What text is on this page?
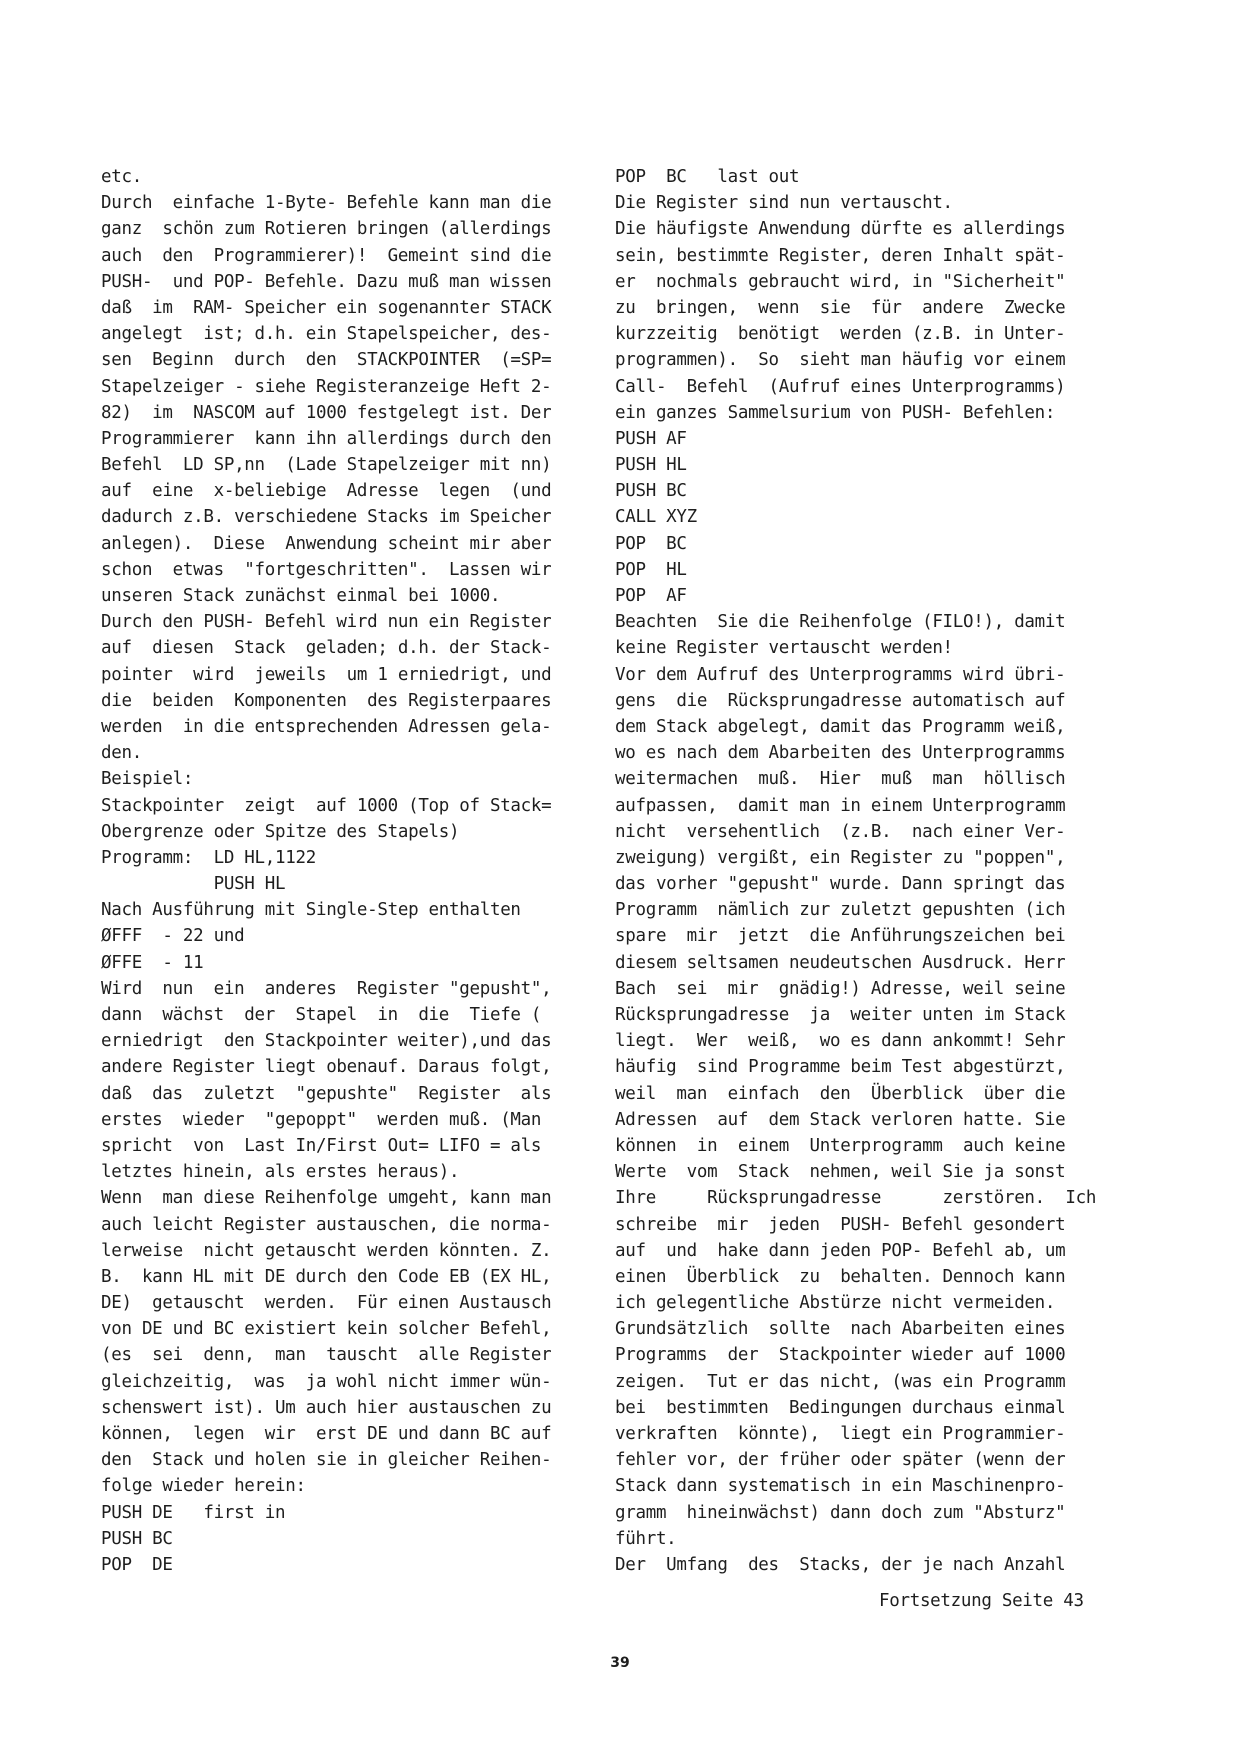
etc.
Durch  einfache 1-Byte- Befehle kann man die
ganz  schön zum Rotieren bringen (allerdings
auch  den  Programmierer)!  Gemeint sind die
PUSH-  und POP- Befehle. Dazu muß man wissen
daß  im  RAM- Speicher ein sogenannter STACK
angelegt  ist; d.h. ein Stapelspeicher, des-
sen  Beginn  durch  den  STACKPOINTER  (=SP=
Stapelzeiger - siehe Registeranzeige Heft 2-
82)  im  NASCOM auf 1000 festgelegt ist. Der
Programmierer  kann ihn allerdings durch den
Befehl  LD SP,nn  (Lade Stapelzeiger mit nn)
auf  eine  x-beliebige  Adresse  legen  (und
dadurch z.B. verschiedene Stacks im Speicher
anlegen).  Diese  Anwendung scheint mir aber
schon  etwas  "fortgeschritten".  Lassen wir
unseren Stack zunächst einmal bei 1000.
Durch den PUSH- Befehl wird nun ein Register
auf  diesen  Stack  geladen; d.h. der Stack-
pointer  wird  jeweils  um 1 erniedrigt, und
die  beiden  Komponenten  des Registerpaares
werden  in die entsprechenden Adressen gela-
den.
Beispiel:
Stackpointer  zeigt  auf 1000 (Top of Stack=
Obergrenze oder Spitze des Stapels)
Programm:  LD HL,1122
PUSH HL
Nach Ausführung mit Single-Step enthalten
ØFFF  - 22 und
ØFFE  - 11
Wird  nun  ein  anderes  Register "gepusht",
dann  wächst  der  Stapel  in  die  Tiefe (
erniedrigt  den Stackpointer weiter),und das
andere Register liegt obenauf. Daraus folgt,
daß  das  zuletzt  "gepushte"  Register  als
erstes  wieder  "gepoppt"  werden muß. (Man
spricht  von  Last In/First Out= LIFO = als
letztes hinein, als erstes heraus).
Wenn  man diese Reihenfolge umgeht, kann man
auch leicht Register austauschen, die norma-
lerweise  nicht getauscht werden könnten. Z.
B.  kann HL mit DE durch den Code EB (EX HL,
DE)  getauscht  werden.  Für einen Austausch
von DE und BC existiert kein solcher Befehl,
(es  sei  denn,  man  tauscht  alle Register
gleichzeitig,  was  ja wohl nicht immer wün-
schenswert ist). Um auch hier austauschen zu
können,  legen  wir  erst DE und dann BC auf
den  Stack und holen sie in gleicher Reihen-
folge wieder herein:
PUSH DE   first in
PUSH BC
POP  DE
POP  BC   last out
Die Register sind nun vertauscht.
Die häufigste Anwendung dürfte es allerdings
sein, bestimmte Register, deren Inhalt spät-
er  nochmals gebraucht wird, in "Sicherheit"
zu  bringen,  wenn  sie  für  andere  Zwecke
kurzzeitig  benötigt  werden (z.B. in Unter-
programmen).  So  sieht man häufig vor einem
Call-  Befehl  (Aufruf eines Unterprogramms)
ein ganzes Sammelsurium von PUSH- Befehlen:
PUSH AF
PUSH HL
PUSH BC
CALL XYZ
POP  BC
POP  HL
POP  AF
Beachten  Sie die Reihenfolge (FILO!), damit
keine Register vertauscht werden!
Vor dem Aufruf des Unterprogramms wird übri-
gens  die  Rücksprungadresse automatisch auf
dem Stack abgelegt, damit das Programm weiß,
wo es nach dem Abarbeiten des Unterprogramms
weitermachen  muß.  Hier  muß  man  höllisch
aufpassen,  damit man in einem Unterprogramm
nicht  versehentlich  (z.B.  nach einer Ver-
zweigung) vergißt, ein Register zu "poppen",
das vorher "gepusht" wurde. Dann springt das
Programm  nämlich zur zuletzt gepushten (ich
spare  mir  jetzt  die Anführungszeichen bei
diesem seltsamen neudeutschen Ausdruck. Herr
Bach  sei  mir  gnädig!) Adresse, weil seine
Rücksprungadresse  ja  weiter unten im Stack
liegt.  Wer  weiß,  wo es dann ankommt! Sehr
häufig  sind Programme beim Test abgestürzt,
weil  man  einfach  den  Überblick  über die
Adressen  auf  dem Stack verloren hatte. Sie
können  in  einem  Unterprogramm  auch keine
Werte  vom  Stack  nehmen, weil Sie ja sonst
Ihre     Rücksprungadresse      zerstören.  Ich
schreibe  mir  jeden  PUSH- Befehl gesondert
auf  und  hake dann jeden POP- Befehl ab, um
einen  Überblick  zu  behalten. Dennoch kann
ich gelegentliche Abstürze nicht vermeiden.
Grundsätzlich  sollte  nach Abarbeiten eines
Programms  der  Stackpointer wieder auf 1000
zeigen.  Tut er das nicht, (was ein Programm
bei  bestimmten  Bedingungen durchaus einmal
verkraften  könnte),  liegt ein Programmier-
fehler vor, der früher oder später (wenn der
Stack dann systematisch in ein Maschinenpro-
gramm  hineinwächst) dann doch zum "Absturz"
führt.
Der  Umfang  des  Stacks, der je nach Anzahl
Fortsetzung Seite 43
39
